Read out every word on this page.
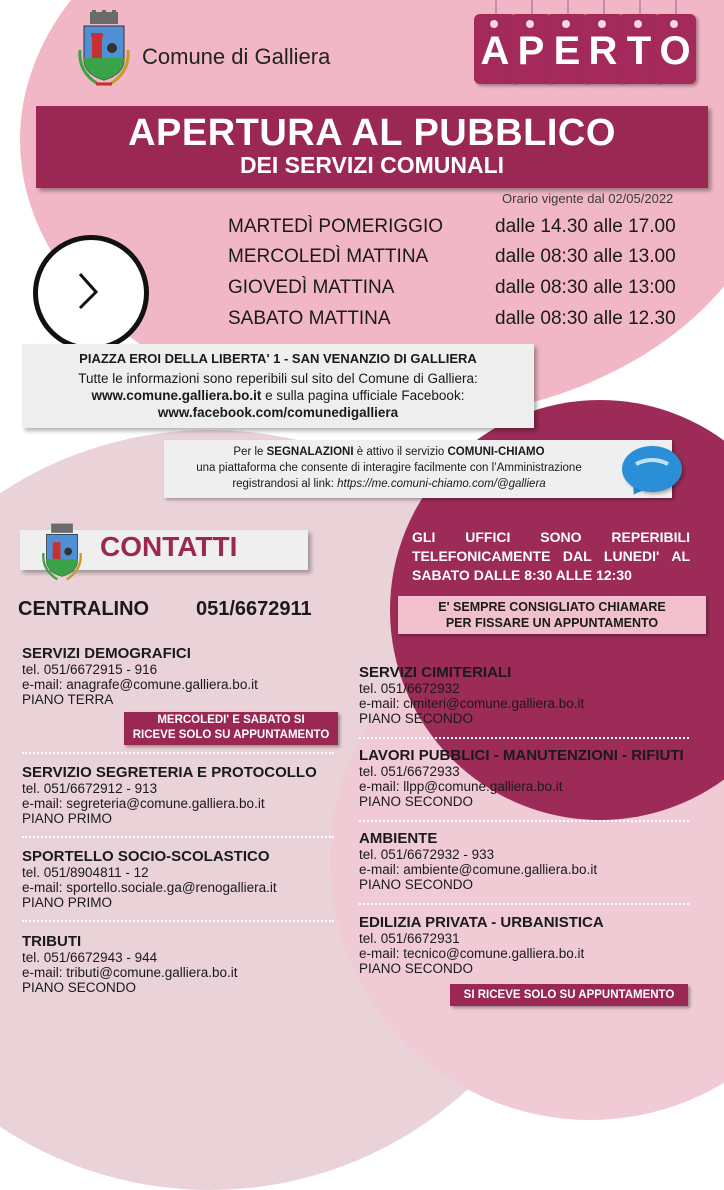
Comune di Galliera	A P E R T O
APERTURA AL PUBBLICO
DEI SERVIZI COMUNALI
Orario vigente dal 02/05/2022
MARTEDÌ POMERIGGIO	dalle 14.30 alle 17.00
MERCOLEDÌ MATTINA	dalle 08:30 alle 13.00
GIOVEDÌ MATTINA	dalle 08:30 alle 13:00
SABATO MATTINA	dalle 08:30 alle 12.30
PIAZZA EROI DELLA LIBERTA' 1 - SAN VENANZIO DI GALLIERA
Tutte le informazioni sono reperibili sul sito del Comune di Galliera:
www.comune.galliera.bo.it e sulla pagina ufficiale Facebook:
www.facebook.com/comunedigalliera
Per le SEGNALAZIONI è attivo il servizio COMUNI-CHIAMO
una piattaforma che consente di interagire facilmente con l’Amministrazione
registrandosi al link: https://me.comuni-chiamo.com/@galliera
CONTATTI	GLI UFFICI SONO REPERIBILI TELEFONICAMENTE DAL LUNEDI' AL SABATO DALLE 8:30 ALLE 12:30
E' SEMPRE CONSIGLIATO CHIAMARE
PER FISSARE UN APPUNTAMENTO
CENTRALINO 051/6672911
SERVIZI DEMOGRAFICI
tel. 051/6672915 - 916
e-mail: anagrafe@comune.galliera.bo.it
PIANO TERRA
MERCOLEDI' E SABATO SI
RICEVE SOLO SU APPUNTAMENTO
SERVIZIO SEGRETERIA E PROTOCOLLO
tel. 051/6672912 - 913
e-mail: segreteria@comune.galliera.bo.it
PIANO PRIMO
SPORTELLO SOCIO-SCOLASTICO
tel. 051/8904811 - 12
e-mail: sportello.sociale.ga@renogalliera.it
PIANO PRIMO
TRIBUTI
tel. 051/6672943 - 944
e-mail: tributi@comune.galliera.bo.it
PIANO SECONDO
SERVIZI CIMITERIALI
tel. 051/6672932
e-mail: cimiteri@comune.galliera.bo.it
PIANO SECONDO
LAVORI PUBBLICI - MANUTENZIONI - RIFIUTI
tel. 051/6672933
e-mail: llpp@comune.galliera.bo.it
PIANO SECONDO
AMBIENTE
tel. 051/6672932 - 933
e-mail: ambiente@comune.galliera.bo.it
PIANO SECONDO
EDILIZIA PRIVATA - URBANISTICA
tel. 051/6672931
e-mail: tecnico@comune.galliera.bo.it
PIANO SECONDO
SI RICEVE SOLO SU APPUNTAMENTO
